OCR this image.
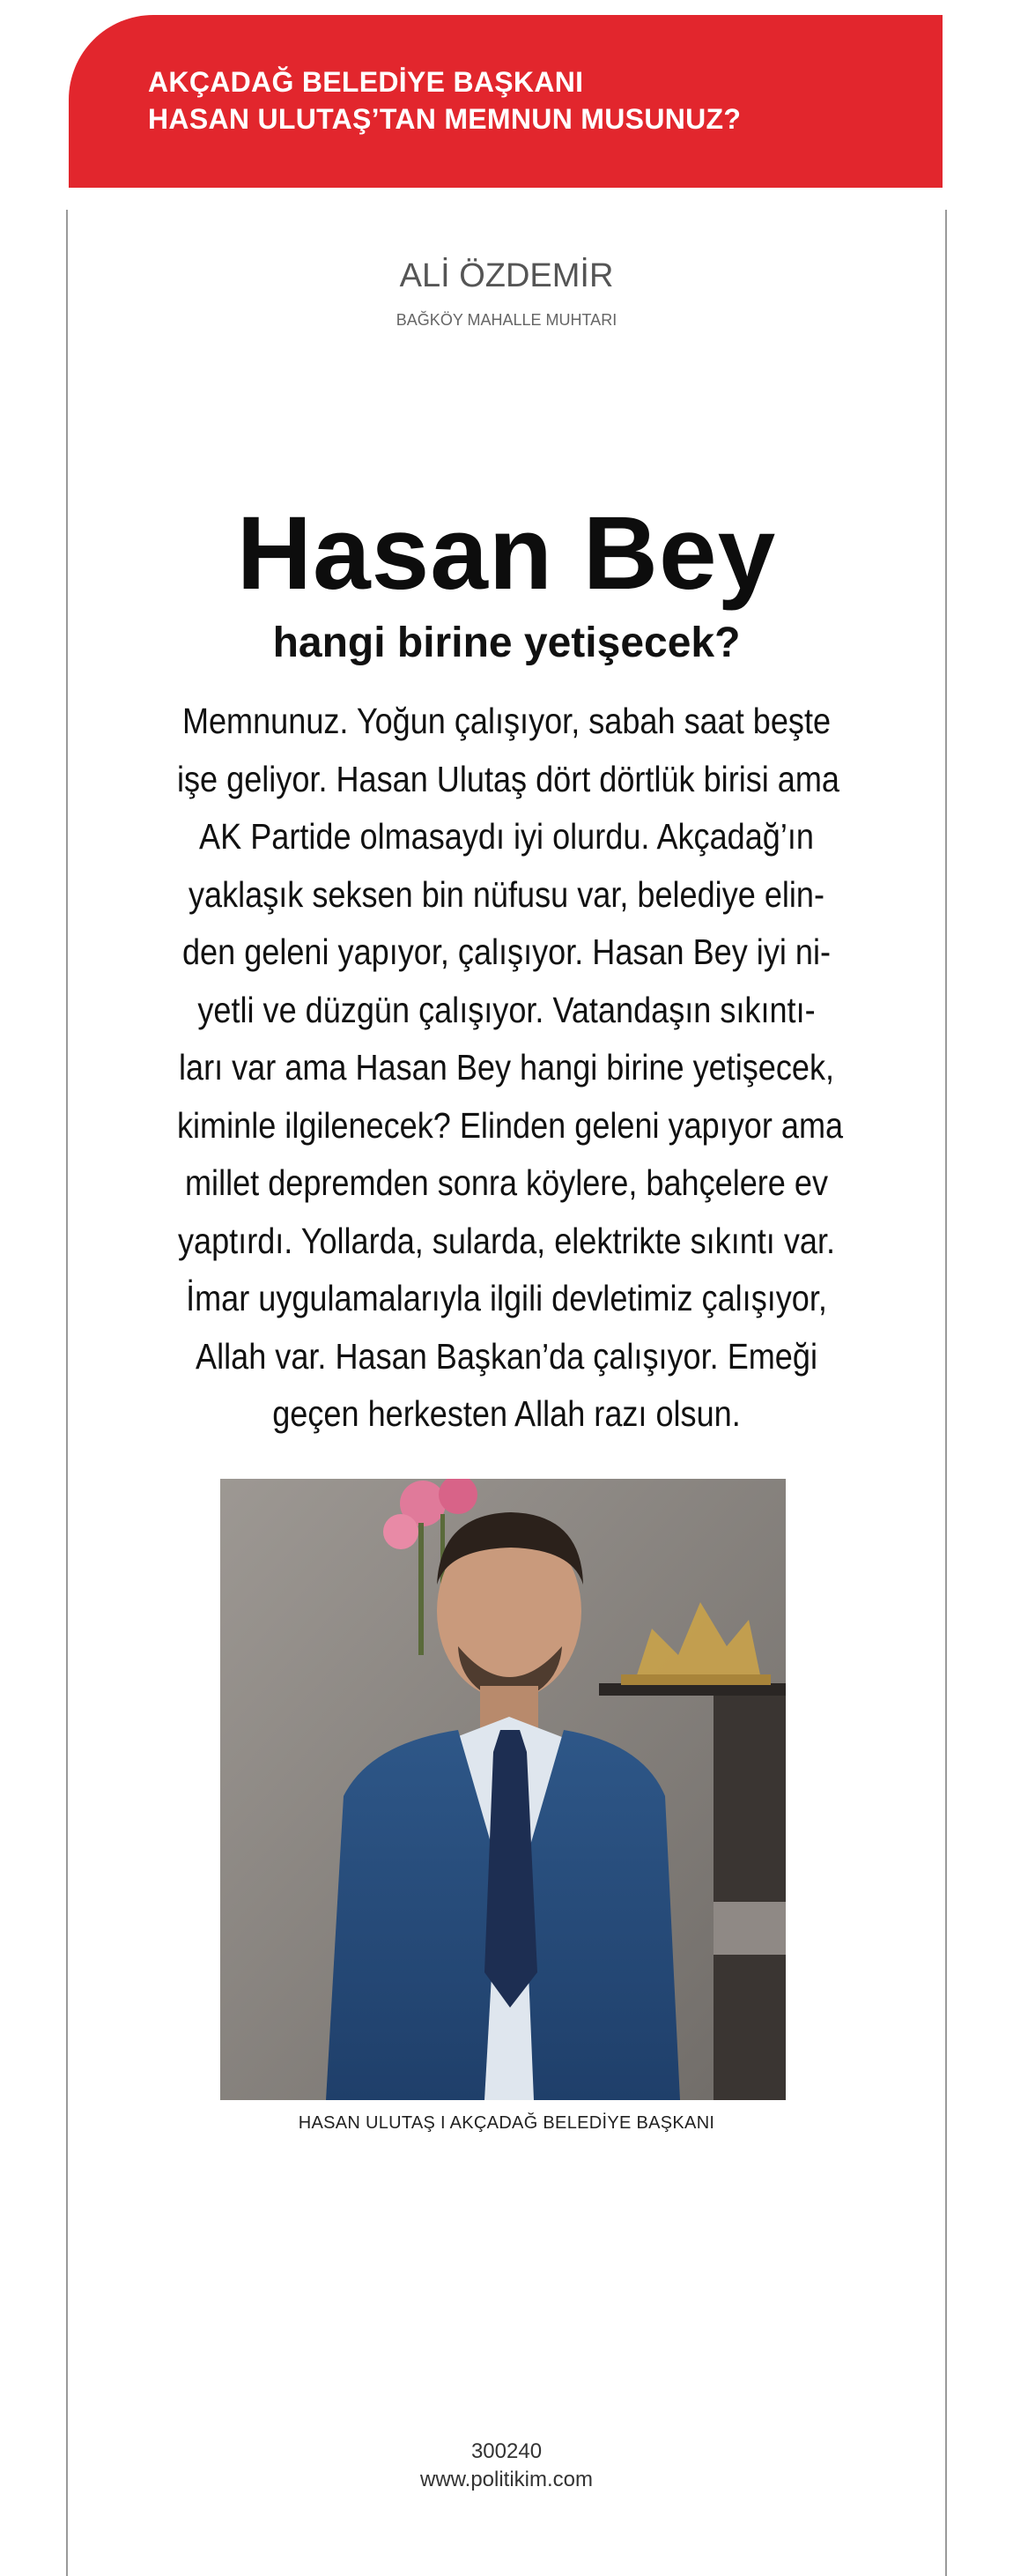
AKÇADAĞ BELEDİYE BAŞKANI
HASAN ULUTAŞ’TAN MEMNUN MUSUNUZ?
ALİ ÖZDEMİR
BAĞKÖY MAHALLE MUHTARI
Hasan Bey
hangi birine yetişecek?
Memnunuz. Yoğun çalışıyor, sabah saat beşte
işe geliyor. Hasan Ulutaş dört dörtlük birisi ama
AK Partide olmasaydı iyi olurdu. Akçadağ’ın
yaklaşık seksen bin nüfusu var, belediye elin-
den geleni yapıyor, çalışıyor. Hasan Bey iyi ni-
yetli ve düzgün çalışıyor. Vatandaşın sıkıntı-
ları var ama Hasan Bey hangi birine yetişecek,
kiminle ilgilenecek? Elinden geleni yapıyor ama
millet depremden sonra köylere, bahçelere ev
yaptırdı. Yollarda, sularda, elektrikte sıkıntı var.
İmar uygulamalarıyla ilgili devletimiz çalışıyor,
Allah var. Hasan Başkan’da çalışıyor. Emeği
geçen herkesten Allah razı olsun.
HASAN ULUTAŞ I AKÇADAĞ BELEDİYE BAŞKANI
300240
www.politikim.com
